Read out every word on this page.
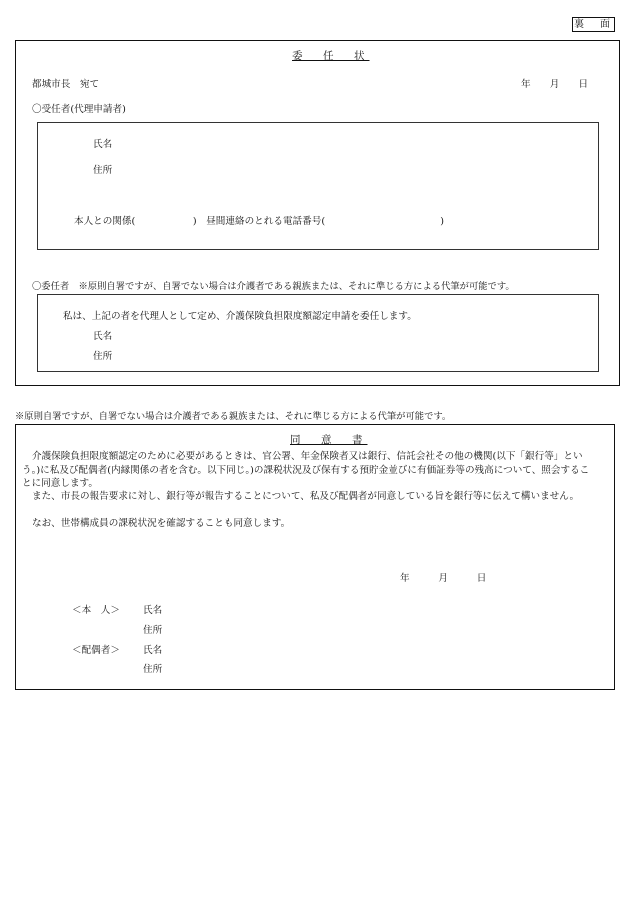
裏　面
委　任　状
都城市長　宛て	年　　月　　日
〇受任者(代理申請者)
氏名
住所
本人との関係(　　　　　　)　昼間連絡のとれる電話番号(　　　　　　　　　　　　)
〇委任者　※原則自署ですが、自署でない場合は介護者である親族または、それに準じる方による代筆が可能です。
私は、上記の者を代理人として定め、介護保険負担限度額認定申請を委任します。
氏名
住所
※原則自署ですが、自署でない場合は介護者である親族または、それに準じる方による代筆が可能です。
同　意　書
介護保険負担限度額認定のために必要があるときは、官公署、年金保険者又は銀行、信託会社その他の機関(以下「銀行等」という。)に私及び配偶者(内縁関係の者を含む。以下同じ。)の課税状況及び保有する預貯金並びに有価証券等の残高について、照会することに同意します。
また、市長の報告要求に対し、銀行等が報告することについて、私及び配偶者が同意している旨を銀行等に伝えて構いません。
なお、世帯構成員の課税状況を確認することも同意します。
年　　　月　　　日
＜本　人＞ 氏名
住所
＜配偶者＞ 氏名
住所
